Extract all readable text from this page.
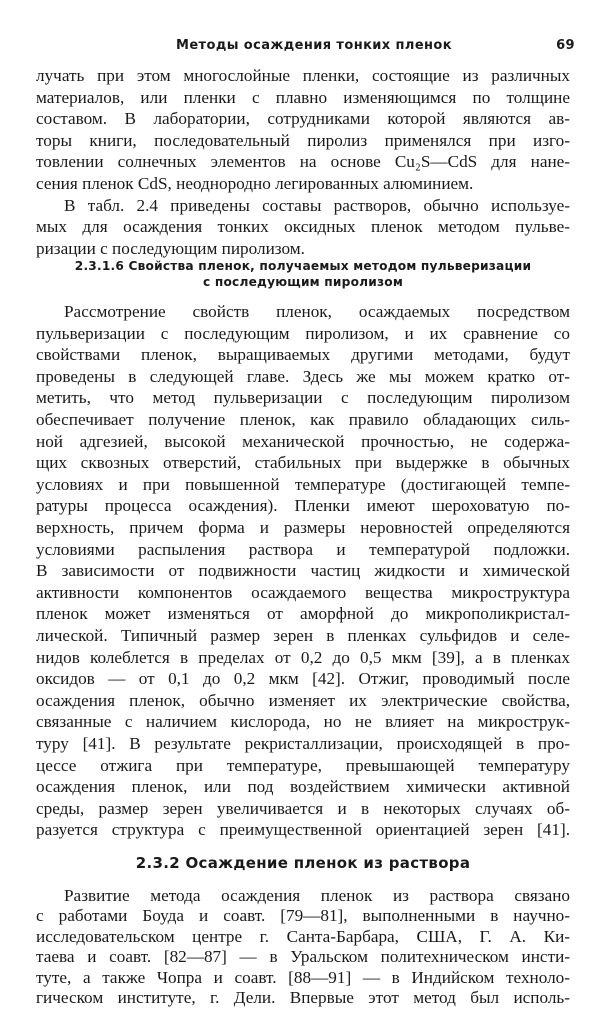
Методы осаждения тонких пленок	69
лучать при этом многослойные пленки, состоящие из различных
материалов, или пленки с плавно изменяющимся по толщине
составом. В лаборатории, сотрудниками которой являются ав-
торы книги, последовательный пиролиз применялся при изго-
товлении солнечных элементов на основе Cu₂S—CdS для нане-
сения пленок CdS, неоднородно легированных алюминием.
В табл. 2.4 приведены составы растворов, обычно используе-
мых для осаждения тонких оксидных пленок методом пульве-
ризации с последующим пиролизом.
2.3.1.6 Свойства пленок, получаемых методом пульверизации
с последующим пиролизом
Рассмотрение свойств пленок, осаждаемых посредством
пульверизации с последующим пиролизом, и их сравнение со
свойствами пленок, выращиваемых другими методами, будут
проведены в следующей главе. Здесь же мы можем кратко от-
метить, что метод пульверизации с последующим пиролизом
обеспечивает получение пленок, как правило обладающих силь-
ной адгезией, высокой механической прочностью, не содержа-
щих сквозных отверстий, стабильных при выдержке в обычных
условиях и при повышенной температуре (достигающей темпе-
ратуры процесса осаждения). Пленки имеют шероховатую по-
верхность, причем форма и размеры неровностей определяются
условиями распыления раствора и температурой подложки.
В зависимости от подвижности частиц жидкости и химической
активности компонентов осаждаемого вещества микроструктура
пленок может изменяться от аморфной до микрополикристал-
лической. Типичный размер зерен в пленках сульфидов и селе-
нидов колеблется в пределах от 0,2 до 0,5 мкм [39], а в пленках
оксидов — от 0,1 до 0,2 мкм [42]. Отжиг, проводимый после
осаждения пленок, обычно изменяет их электрические свойства,
связанные с наличием кислорода, но не влияет на микрострук-
туру [41]. В результате рекристаллизации, происходящей в про-
цессе отжига при температуре, превышающей температуру
осаждения пленок, или под воздействием химически активной
среды, размер зерен увеличивается и в некоторых случаях об-
разуется структура с преимущественной ориентацией зерен [41].
Развитие метода осаждения пленок из раствора связано
с работами Боуда и соавт. [79—81], выполненными в научно-
исследовательском центре г. Санта-Барбара, США, Г. А. Ки-
таева и соавт. [82—87] — в Уральском политехническом инсти-
туте, а также Чопра и соавт. [88—91] — в Индийском техноло-
гическом институте, г. Дели. Впервые этот метод был исполь-
2.3.2 Осаждение пленок из раствора
